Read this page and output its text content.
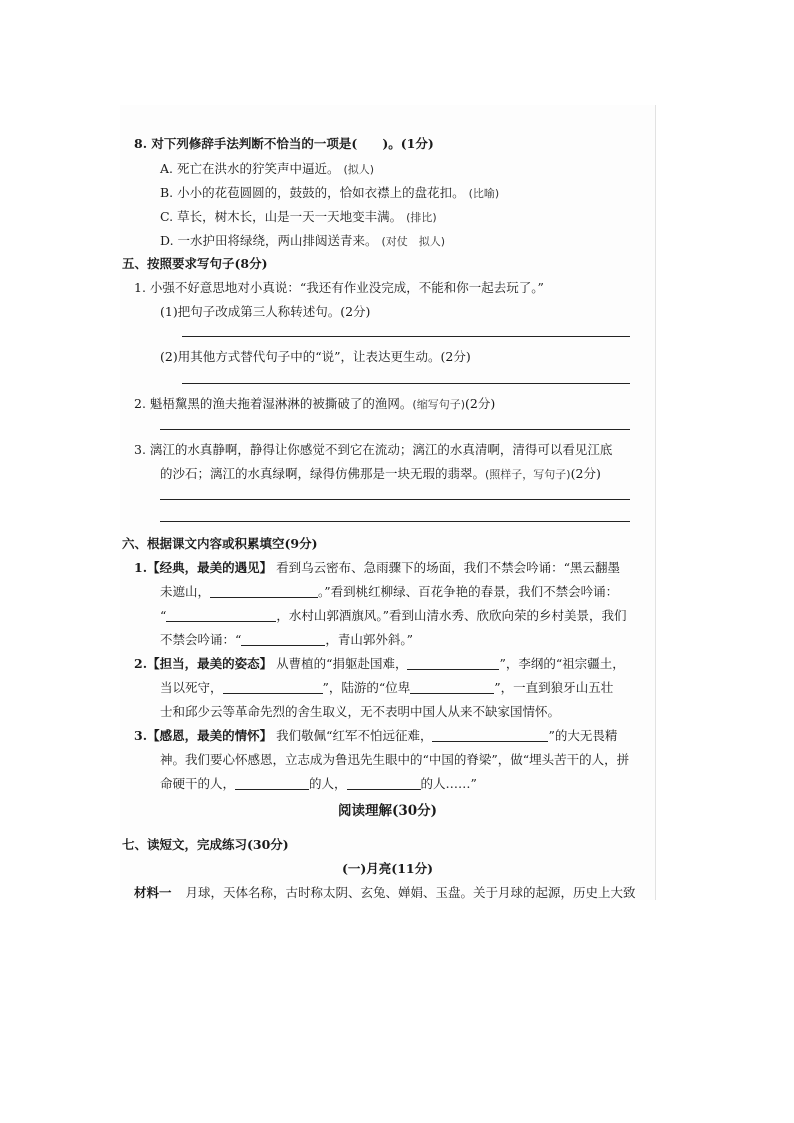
8. 对下列修辞手法判断不恰当的一项是(　　)。(1分)
A. 死亡在洪水的狞笑声中逼近。 (拟人)
B. 小小的花苞圆圆的，鼓鼓的，恰如衣襟上的盘花扣。 (比喻)
C. 草长，树木长，山是一天一天地变丰满。 (排比)
D. 一水护田将绿绕，两山排闼送青来。 (对仗　拟人)
五、按照要求写句子(8分)
1. 小强不好意思地对小真说：“我还有作业没完成，不能和你一起去玩了。”
(1)把句子改成第三人称转述句。(2分)
(2)用其他方式替代句子中的“说”，让表达更生动。(2分)
2. 魁梧黧黑的渔夫拖着湿淋淋的被撕破了的渔网。(缩写句子)(2分)
3. 漓江的水真静啊，静得让你感觉不到它在流动；漓江的水真清啊，清得可以看见江底
的沙石；漓江的水真绿啊，绿得仿佛那是一块无瑕的翡翠。(照样子，写句子)(2分)
六、根据课文内容或积累填空(9分)
1.【经典，最美的遇见】 看到乌云密布、急雨骤下的场面，我们不禁会吟诵：“黑云翻墨
未遮山，	。”看到桃红柳绿、百花争艳的春景，我们不禁会吟诵：
“	，水村山郭酒旗风。”看到山清水秀、欣欣向荣的乡村美景，我们
不禁会吟诵：“	，青山郭外斜。”
2.【担当，最美的姿态】 从曹植的“捐躯赴国难，	”，李纲的“祖宗疆土，
当以死守，	”，陆游的“位卑	”，一直到狼牙山五壮
士和邱少云等革命先烈的舍生取义，无不表明中国人从来不缺家国情怀。
3.【感恩，最美的情怀】 我们敬佩“红军不怕远征难，	”的大无畏精
神。我们要心怀感恩，立志成为鲁迅先生眼中的“中国的脊梁”，做“埋头苦干的人，拼
命硬干的人，	的人，	的人……”
阅读理解(30分)
七、读短文，完成练习(30分)
(一)月亮(11分)
材料一 月球，天体名称，古时称太阴、玄兔、婵娟、玉盘。关于月球的起源，历史上大致
